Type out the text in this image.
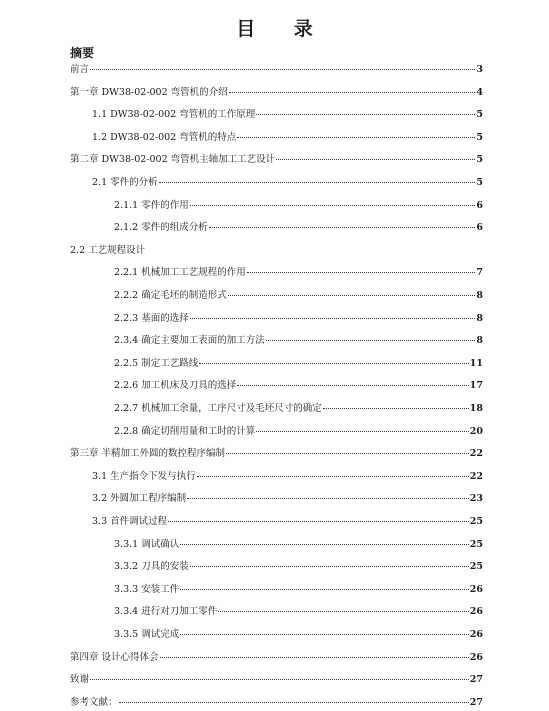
目 录
摘要
前言	3
第一章 DW38-02-002 弯管机的介绍	4
1.1 DW38-02-002 弯管机的工作原理	5
1.2 DW38-02-002 弯管机的特点	5
第二章 DW38-02-002 弯管机主轴加工工艺设计	5
2.1 零件的分析	5
2.1.1 零件的作用	6
2.1.2 零件的组成分析	6
2.2 工艺规程设计
2.2.1 机械加工工艺规程的作用	7
2.2.2 确定毛坯的制造形式	8
2.2.3 基面的选择	8
2.3.4 确定主要加工表面的加工方法	8
2.2.5 制定工艺路线	11
2.2.6 加工机床及刀具的选择	17
2.2.7 机械加工余量，工序尺寸及毛坯尺寸的确定	18
2.2.8 确定切削用量和工时的计算	20
第三章 半精加工外圆的数控程序编制	22
3.1 生产指令下发与执行	22
3.2 外圆加工程序编制	23
3.3 首件调试过程	25
3.3.1 调试确认	25
3.3.2 刀具的安装	25
3.3.3 安装工件	26
3.3.4 进行对刀加工零件	26
3.3.5 调试完成	26
第四章 设计心得体会	26
致谢	27
参考文献：	27
